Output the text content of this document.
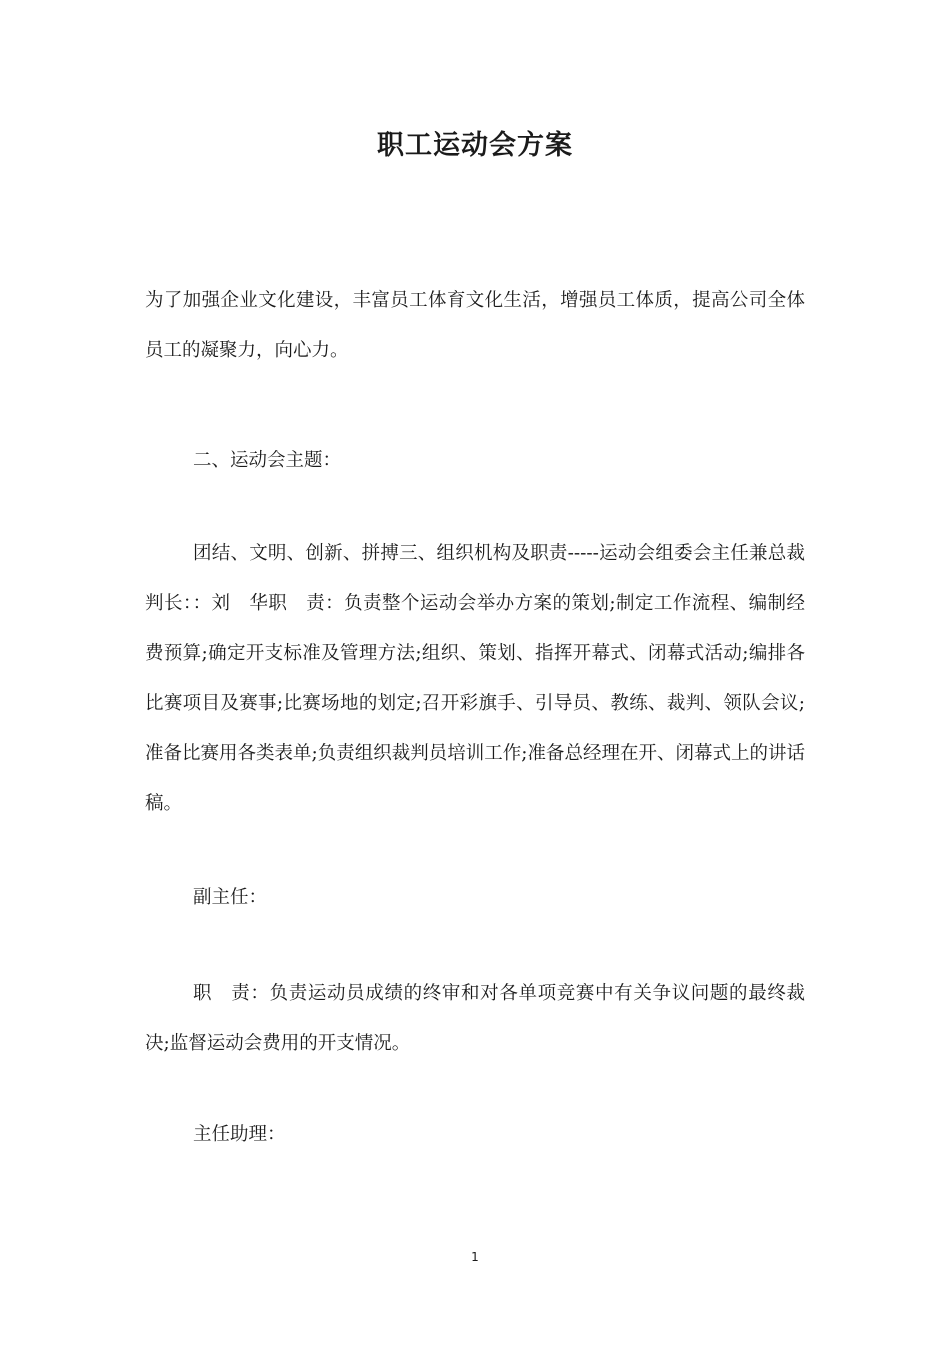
职工运动会方案

为了加强企业文化建设，丰富员工体育文化生活，增强员工体质，提高公司全体员工的凝聚力，向心力。

二、运动会主题：

团结、文明、创新、拼搏三、组织机构及职责-----运动会组委会主任兼总裁判长：：刘　华职　责：负责整个运动会举办方案的策划;制定工作流程、编制经费预算;确定开支标准及管理方法;组织、策划、指挥开幕式、闭幕式活动;编排各比赛项目及赛事;比赛场地的划定;召开彩旗手、引导员、教练、裁判、领队会议;准备比赛用各类表单;负责组织裁判员培训工作;准备总经理在开、闭幕式上的讲话稿。

副主任：

职　责：负责运动员成绩的终审和对各单项竞赛中有关争议问题的最终裁决;监督运动会费用的开支情况。

主任助理：

1
